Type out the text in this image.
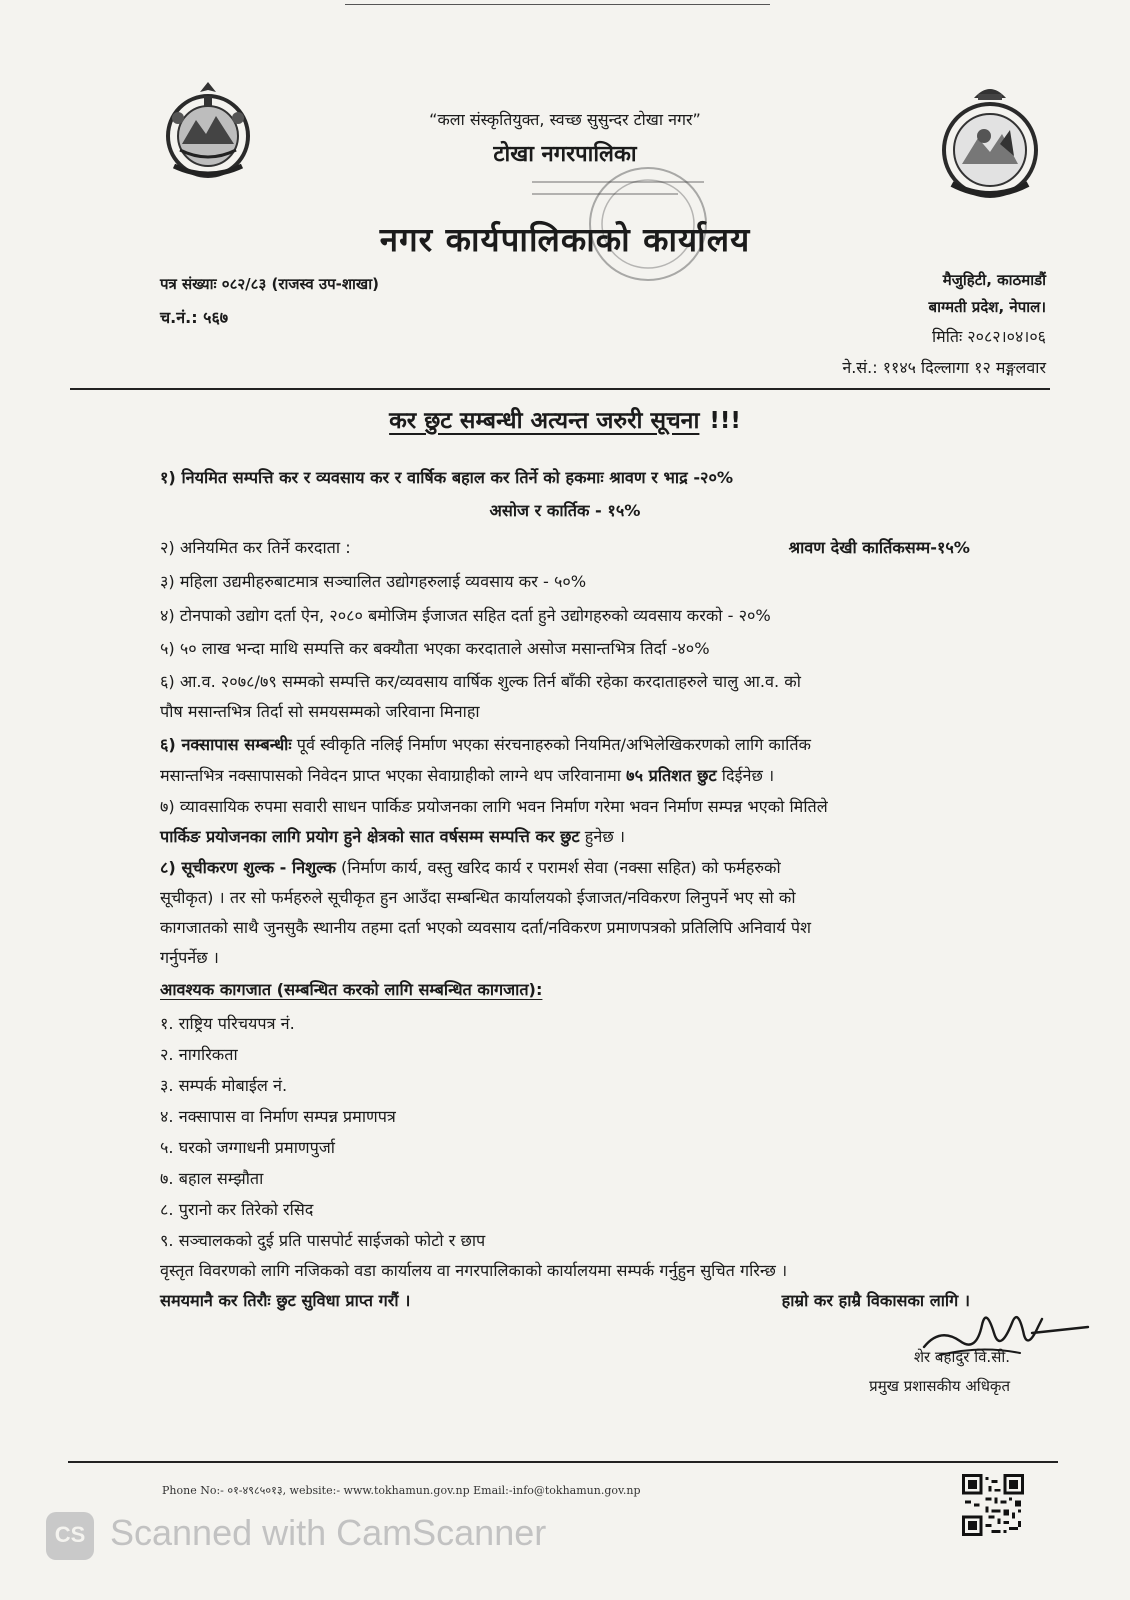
“कला संस्कृतियुक्त, स्वच्छ सुसुन्दर टोखा नगर”
टोखा नगरपालिका
नगर कार्यपालिकाको कार्यालय
पत्र संख्याः ०८२/८३ (राजस्व उप-शाखा)
च.नं.: ५६७
मैजुहिटी, काठमाडौं
बाग्मती प्रदेश, नेपाल।
मितिः २०८२।०४।०६
ने.सं.: ११४५ दिल्लागा १२ मङ्गलवार
कर छुट सम्बन्धी अत्यन्त जरुरी सूचना !!!
१) नियमित सम्पत्ति कर र व्यवसाय कर र वार्षिक बहाल कर तिर्ने को हकमाः श्रावण र भाद्र -२०%
असोज र कार्तिक - १५%
२) अनियमित कर तिर्ने करदाता :	श्रावण देखी कार्तिकसम्म-१५%
३) महिला उद्यमीहरुबाटमात्र सञ्चालित उद्योगहरुलाई व्यवसाय कर - ५०%
४) टोनपाको उद्योग दर्ता ऐन, २०८० बमोजिम ईजाजत सहित दर्ता हुने उद्योगहरुको व्यवसाय करको - २०%
५) ५० लाख भन्दा माथि सम्पत्ति कर बक्यौता भएका करदाताले असोज मसान्तभित्र तिर्दा -४०%
६) आ.व. २०७८/७९ सम्मको सम्पत्ति कर/व्यवसाय वार्षिक शुल्क तिर्न बाँकी रहेका करदाताहरुले चालु आ.व. को
पौष मसान्तभित्र तिर्दा सो समयसम्मको जरिवाना मिनाहा
६) नक्सापास सम्बन्धीः पूर्व स्वीकृति नलिई निर्माण भएका संरचनाहरुको नियमित/अभिलेखिकरणको लागि कार्तिक
मसान्तभित्र नक्सापासको निवेदन प्राप्त भएका सेवाग्राहीको लाग्ने थप जरिवानामा ७५ प्रतिशत छुट दिईनेछ ।
७) व्यावसायिक रुपमा सवारी साधन पार्किङ प्रयोजनका लागि भवन निर्माण गरेमा भवन निर्माण सम्पन्न भएको मितिले
पार्किङ प्रयोजनका लागि प्रयोग हुने क्षेत्रको सात वर्षसम्म सम्पत्ति कर छुट हुनेछ ।
८) सूचीकरण शुल्क - निशुल्क (निर्माण कार्य, वस्तु खरिद कार्य र परामर्श सेवा (नक्सा सहित) को फर्महरुको
सूचीकृत) । तर सो फर्महरुले सूचीकृत हुन आउँदा सम्बन्धित कार्यालयको ईजाजत/नविकरण लिनुपर्ने भए सो को
कागजातको साथै जुनसुकै स्थानीय तहमा दर्ता भएको व्यवसाय दर्ता/नविकरण प्रमाणपत्रको प्रतिलिपि अनिवार्य पेश
गर्नुपर्नेछ ।
आवश्यक कागजात (सम्बन्धित करको लागि सम्बन्धित कागजात):
१. राष्ट्रिय परिचयपत्र नं.
२. नागरिकता
३. सम्पर्क मोबाईल नं.
४. नक्सापास वा निर्माण सम्पन्न प्रमाणपत्र
५. घरको जग्गाधनी प्रमाणपुर्जा
७. बहाल सम्झौता
८. पुरानो कर तिरेको रसिद
९. सञ्चालकको दुई प्रति पासपोर्ट साईजको फोटो र छाप
वृस्तृत विवरणको लागि नजिकको वडा कार्यालय वा नगरपालिकाको कार्यालयमा सम्पर्क गर्नुहुन सुचित गरिन्छ ।
समयमानै कर तिरौः छुट सुविधा प्राप्त गरौं ।	हाम्रो कर हाम्रै विकासका लागि ।
शेर बहादुर वि.सी.
प्रमुख प्रशासकीय अधिकृत
Phone No:- ०१-४९८५०१३, website:- www.tokhamun.gov.np Email:-info@tokhamun.gov.np
CS Scanned with CamScanner
